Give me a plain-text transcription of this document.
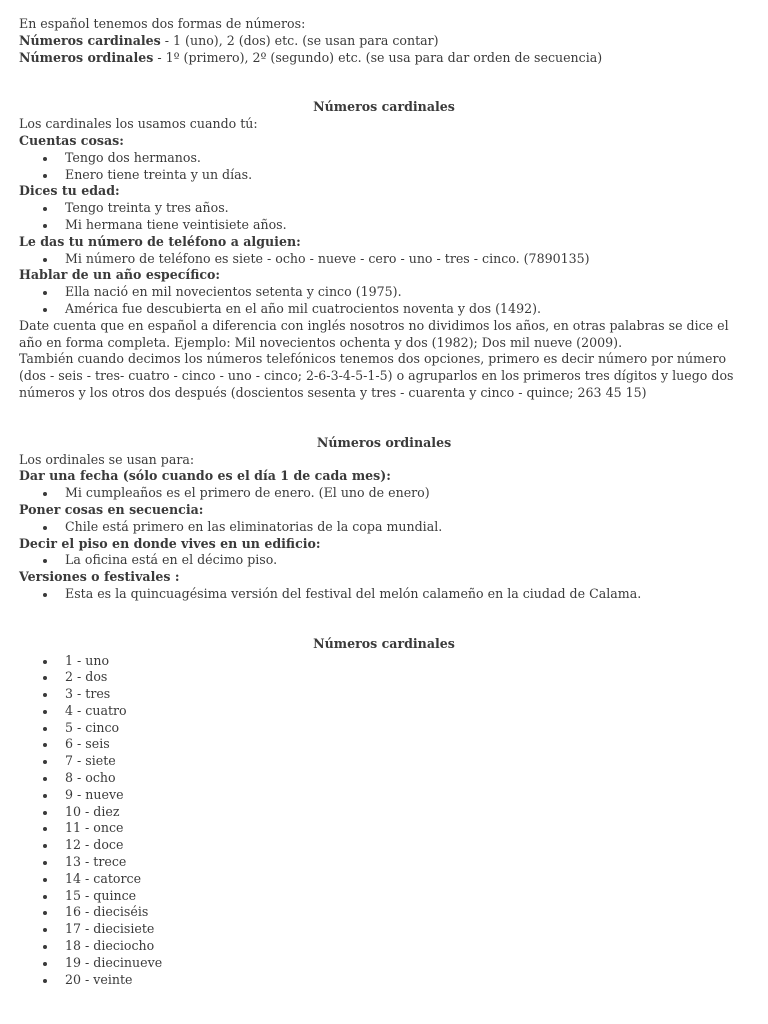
En español tenemos dos formas de números:

Números cardinales - 1 (uno), 2 (dos) etc. (se usan para contar)

Números ordinales - 1º (primero), 2º (segundo) etc. (se usa para dar orden de secuencia)

Números cardinales

Los cardinales los usamos cuando tú:

Cuentas cosas:

Tengo dos hermanos.
Enero tiene treinta y un días.

Dices tu edad:

Tengo treinta y tres años.
Mi hermana tiene veintisiete años.

Le das tu número de teléfono a alguien:

Mi número de teléfono es siete - ocho - nueve - cero - uno - tres - cinco. (7890135)

Hablar de un año específico:

Ella nació en mil novecientos setenta y cinco (1975).
América fue descubierta en el año mil cuatrocientos noventa y dos (1492).

Date cuenta que en español a diferencia con inglés nosotros no dividimos los años, en otras palabras se dice el año en forma completa. Ejemplo: Mil novecientos ochenta y dos (1982); Dos mil nueve (2009).

También cuando decimos los números telefónicos tenemos dos opciones, primero es decir número por número (dos - seis - tres- cuatro - cinco - uno - cinco; 2-6-3-4-5-1-5) o agruparlos en los primeros tres dígitos y luego dos números y los otros dos después (doscientos sesenta y tres - cuarenta y cinco - quince; 263 45 15)

Números ordinales

Los ordinales se usan para:

Dar una fecha (sólo cuando es el día 1 de cada mes):

Mi cumpleaños es el primero de enero. (El uno de enero)

Poner cosas en secuencia:

Chile está primero en las eliminatorias de la copa mundial.

Decir el piso en donde vives en un edificio:

La oficina está en el décimo piso.

Versiones o festivales :

Esta es la quincuagésima versión del festival del melón calameño en la ciudad de Calama.

Números cardinales

1 - uno
2 - dos
3 - tres
4 - cuatro
5 - cinco
6 - seis
7 - siete
8 - ocho
9 - nueve
10 - diez
11 - once
12 - doce
13 - trece
14 - catorce
15 - quince
16 - dieciséis
17 - diecisiete
18 - dieciocho
19 - diecinueve
20 - veinte
